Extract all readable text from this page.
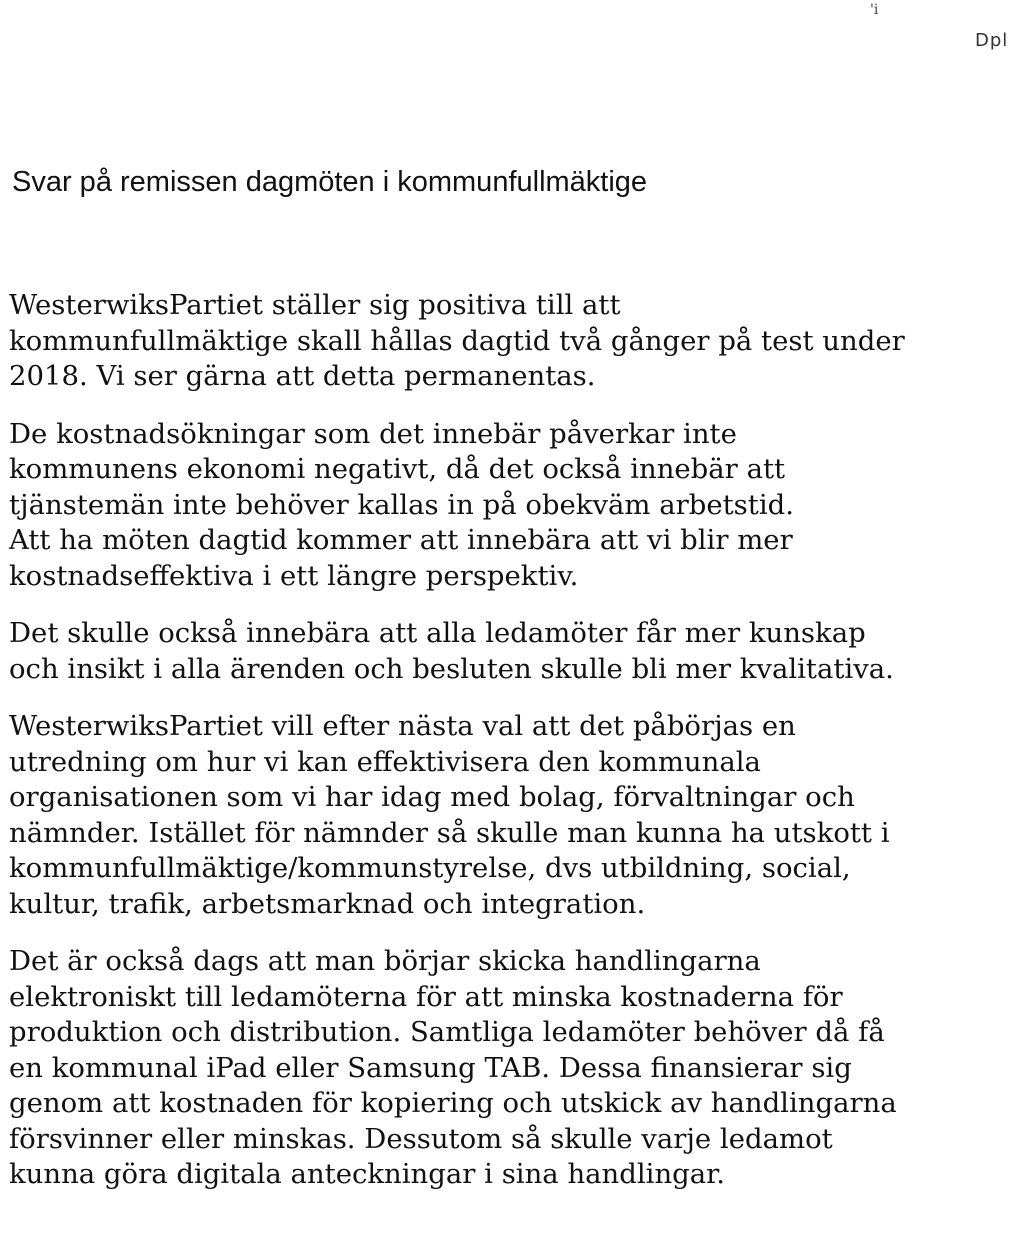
'i
Dpl
Svar på remissen dagmöten i kommunfullmäktige

WesterwiksPartiet ställer sig positiva till att
kommunfullmäktige skall hållas dagtid två gånger på test under
2018. Vi ser gärna att detta permanentas.

De kostnadsökningar som det innebär påverkar inte
kommunens ekonomi negativt, då det också innebär att
tjänstemän inte behöver kallas in på obekväm arbetstid.
Att ha möten dagtid kommer att innebära att vi blir mer
kostnadseffektiva i ett längre perspektiv.

Det skulle också innebära att alla ledamöter får mer kunskap
och insikt i alla ärenden och besluten skulle bli mer kvalitativa.

WesterwiksPartiet vill efter nästa val att det påbörjas en
utredning om hur vi kan effektivisera den kommunala
organisationen som vi har idag med bolag, förvaltningar och
nämnder. Istället för nämnder så skulle man kunna ha utskott i
kommunfullmäktige/kommunstyrelse, dvs utbildning, social,
kultur, trafik, arbetsmarknad och integration.

Det är också dags att man börjar skicka handlingarna
elektroniskt till ledamöterna för att minska kostnaderna för
produktion och distribution. Samtliga ledamöter behöver då få
en kommunal iPad eller Samsung TAB. Dessa finansierar sig
genom att kostnaden för kopiering och utskick av handlingarna
försvinner eller minskas. Dessutom så skulle varje ledamot
kunna göra digitala anteckningar i sina handlingar.
